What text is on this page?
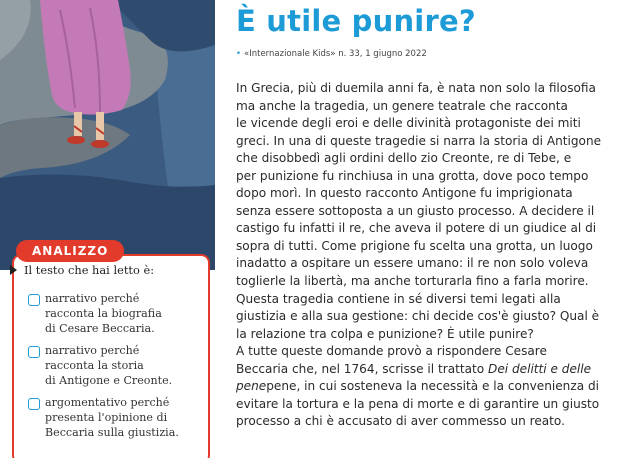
È utile punire?
• «Internazionale Kids» n. 33, 1 giugno 2022
In Grecia, più di duemila anni fa, è nata non solo la filosofia
ma anche la tragedia, un genere teatrale che racconta
le vicende degli eroi e delle divinità protagoniste dei miti
greci. In una di queste tragedie si narra la storia di Antigone
che disobbedì agli ordini dello zio Creonte, re di Tebe, e
per punizione fu rinchiusa in una grotta, dove poco tempo
dopo morì. In questo racconto Antigone fu imprigionata
senza essere sottoposta a un giusto processo. A decidere il
castigo fu infatti il re, che aveva il potere di un giudice al di
sopra di tutti. Come prigione fu scelta una grotta, un luogo
inadatto a ospitare un essere umano: il re non solo voleva
toglierle la libertà, ma anche torturarla fino a farla morire.
Questa tragedia contiene in sé diversi temi legati alla
giustizia e alla sua gestione: chi decide cos'è giusto? Qual è
la relazione tra colpa e punizione? È utile punire?
A tutte queste domande provò a rispondere Cesare
Beccaria che, nel 1764, scrisse il trattato Dei delitti e delle
penepene, in cui sosteneva la necessità e la convenienza di
evitare la tortura e la pena di morte e di garantire un giusto
processo a chi è accusato di aver commesso un reato.
ANALIZZO
Il testo che hai letto è:
narrativo perché
racconta la biografia
di Cesare Beccaria.
narrativo perché
racconta la storia
di Antigone e Creonte.
argomentativo perché
presenta l'opinione di
Beccaria sulla giustizia.
